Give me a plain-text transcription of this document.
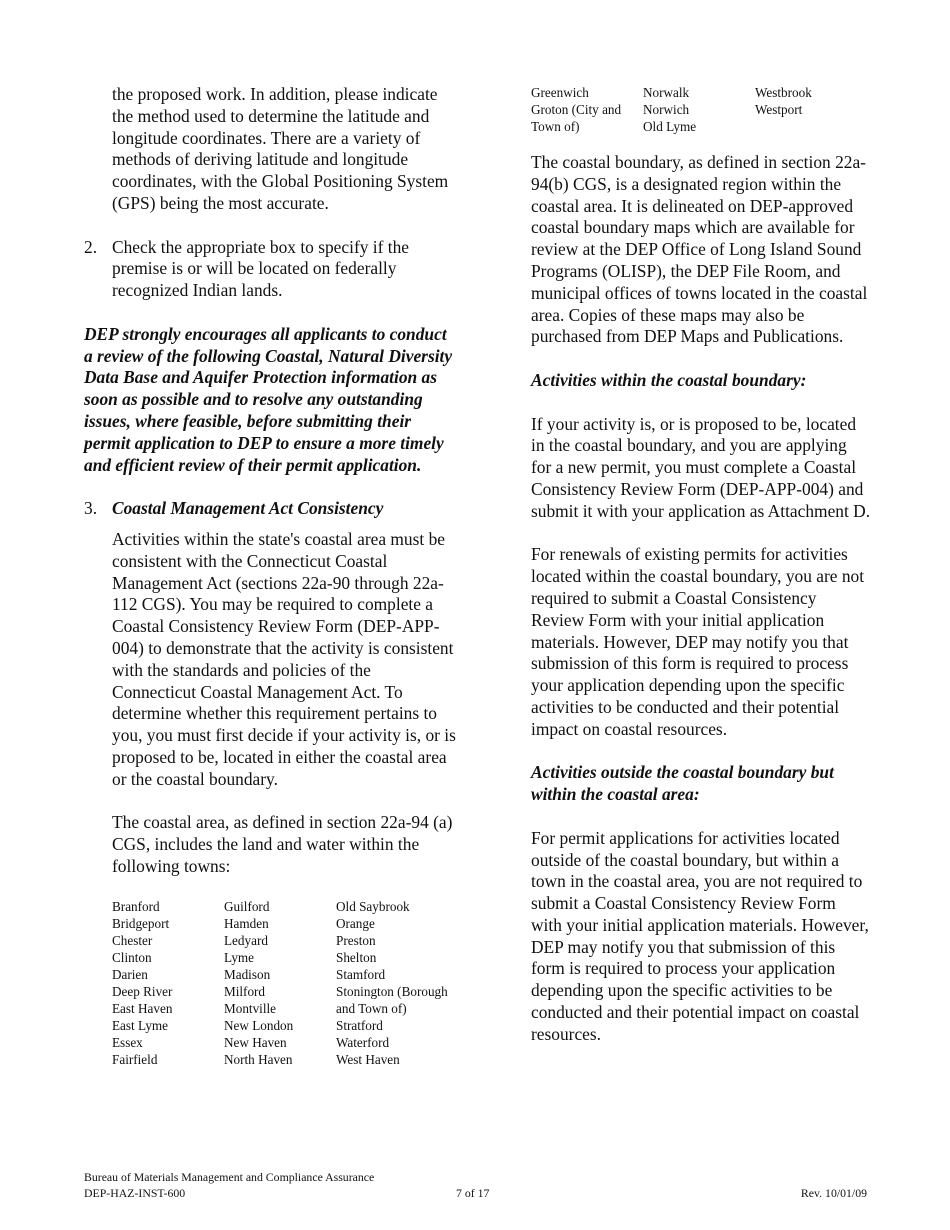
the proposed work. In addition, please indicate the method used to determine the latitude and longitude coordinates. There are a variety of methods of deriving latitude and longitude coordinates, with the Global Positioning System (GPS) being the most accurate.

2. Check the appropriate box to specify if the premise is or will be located on federally recognized Indian lands.

DEP strongly encourages all applicants to conduct a review of the following Coastal, Natural Diversity Data Base and Aquifer Protection information as soon as possible and to resolve any outstanding issues, where feasible, before submitting their permit application to DEP to ensure a more timely and efficient review of their permit application.

3. Coastal Management Act Consistency

Activities within the state's coastal area must be consistent with the Connecticut Coastal Management Act (sections 22a-90 through 22a-112 CGS). You may be required to complete a Coastal Consistency Review Form (DEP-APP-004) to demonstrate that the activity is consistent with the standards and policies of the Connecticut Coastal Management Act. To determine whether this requirement pertains to you, you must first decide if your activity is, or is proposed to be, located in either the coastal area or the coastal boundary.

The coastal area, as defined in section 22a-94 (a) CGS, includes the land and water within the following towns:

Branford
Bridgeport
Chester
Clinton
Darien
Deep River
East Haven
East Lyme
Essex
Fairfield
Guilford
Hamden
Ledyard
Lyme
Madison
Milford
Montville
New London
New Haven
North Haven
Old Saybrook
Orange
Preston
Shelton
Stamford
Stonington (Borough
and Town of)
Stratford
Waterford
West Haven
Greenwich
Groton (City and
Town of)
Norwalk
Norwich
Old Lyme
Westbrook
Westport

The coastal boundary, as defined in section 22a-94(b) CGS, is a designated region within the coastal area. It is delineated on DEP-approved coastal boundary maps which are available for review at the DEP Office of Long Island Sound Programs (OLISP), the DEP File Room, and municipal offices of towns located in the coastal area. Copies of these maps may also be purchased from DEP Maps and Publications.

Activities within the coastal boundary:

If your activity is, or is proposed to be, located in the coastal boundary, and you are applying for a new permit, you must complete a Coastal Consistency Review Form (DEP-APP-004) and submit it with your application as Attachment D.

For renewals of existing permits for activities located within the coastal boundary, you are not required to submit a Coastal Consistency Review Form with your initial application materials. However, DEP may notify you that submission of this form is required to process your application depending upon the specific activities to be conducted and their potential impact on coastal resources.

Activities outside the coastal boundary but within the coastal area:

For permit applications for activities located outside of the coastal boundary, but within a town in the coastal area, you are not required to submit a Coastal Consistency Review Form with your initial application materials. However, DEP may notify you that submission of this form is required to process your application depending upon the specific activities to be conducted and their potential impact on coastal resources.

Bureau of Materials Management and Compliance Assurance
DEP-HAZ-INST-600	7 of 17	Rev. 10/01/09
